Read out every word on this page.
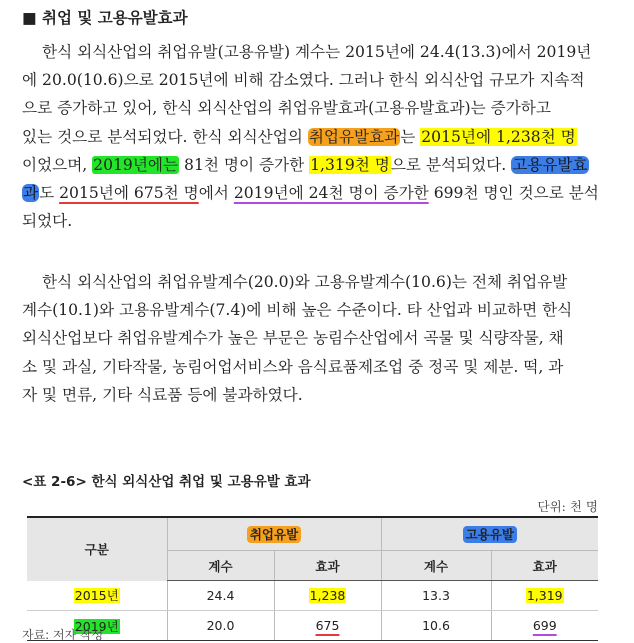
■ 취업 및 고용유발효과
한식 외식산업의 취업유발(고용유발) 계수는 2015년에 24.4(13.3)에서 2019년
에 20.0(10.6)으로 2015년에 비해 감소였다. 그러나 한식 외식산업 규모가 지속적
으로 증가하고 있어, 한식 외식산업의 취업유발효과(고용유발효과)는 증가하고
있는 것으로 분석되었다. 한식 외식산업의 취업유발효과는 2015년에 1,238천 명
이었으며, 2019년에는 81천 명이 증가한 1,319천 명으로 분석되었다. 고용유발효
과도 2015년에 675천 명에서 2019년에 24천 명이 증가한 699천 명인 것으로 분석
되었다.
한식 외식산업의 취업유발계수(20.0)와 고용유발계수(10.6)는 전체 취업유발
계수(10.1)와 고용유발계수(7.4)에 비해 높은 수준이다. 타 산업과 비교하면 한식
외식산업보다 취업유발계수가 높은 부문은 농림수산업에서 곡물 및 식량작물, 채
소 및 과실, 기타작물, 농림어업서비스와 음식료품제조업 중 정곡 및 제분. 떡, 과
자 및 면류, 기타 식료품 등에 불과하였다.
<표 2-6> 한식 외식산업 취업 및 고용유발 효과
단위: 천 명
구분	취업유발		고용유발	
	계수	효과	계수	효과
2015년	24.4	1,238	13.3	1,319
2019년	20.0	675	10.6	699
자료: 저자 작성
